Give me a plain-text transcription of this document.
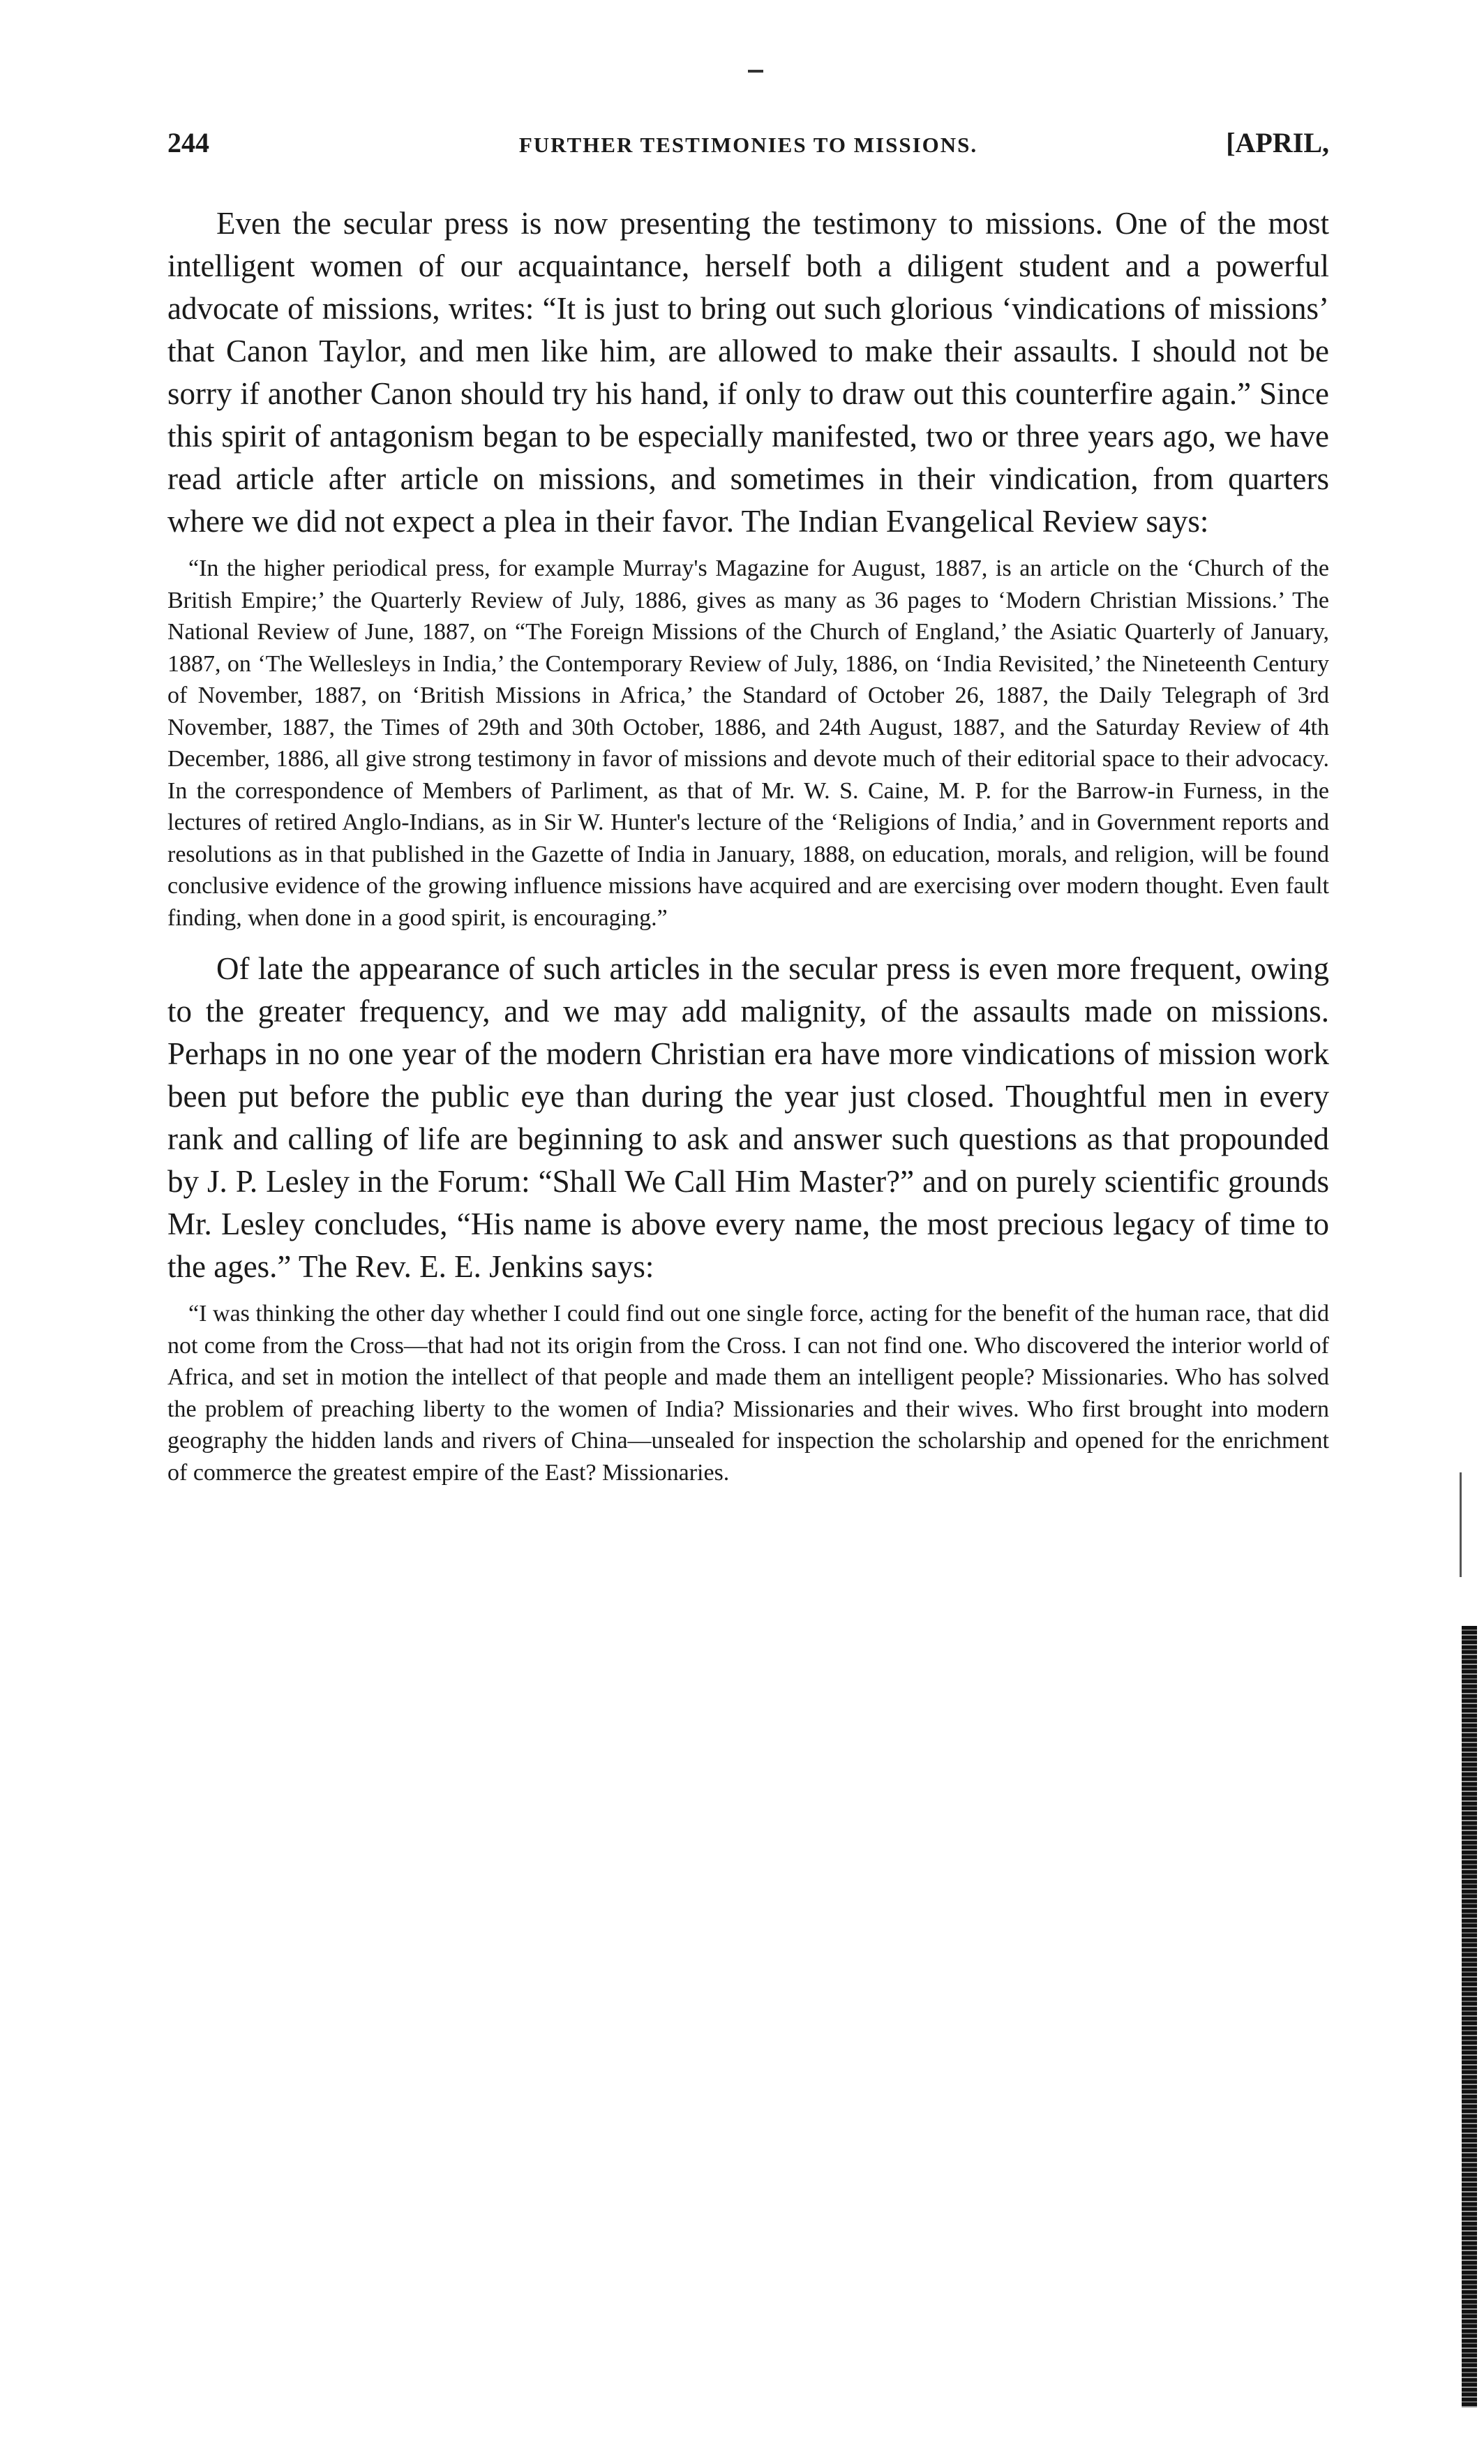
244	FURTHER TESTIMONIES TO MISSIONS.	[APRIL,

Even the secular press is now presenting the testimony to missions. One of the most intelligent women of our acquaintance, herself both a diligent student and a powerful advocate of missions, writes: “It is just to bring out such glorious ‘vindications of missions’ that Canon Taylor, and men like him, are allowed to make their assaults. I should not be sorry if another Canon should try his hand, if only to draw out this counterfire again.” Since this spirit of antagonism began to be especially manifested, two or three years ago, we have read article after article on missions, and sometimes in their vindication, from quarters where we did not expect a plea in their favor. The Indian Evangelical Review says:

“In the higher periodical press, for example Murray's Magazine for August, 1887, is an article on the ‘Church of the British Empire;’ the Quarterly Review of July, 1886, gives as many as 36 pages to ‘Modern Christian Missions.’ The National Review of June, 1887, on “The Foreign Missions of the Church of England,’ the Asiatic Quarterly of January, 1887, on ‘The Wellesleys in India,’ the Contemporary Review of July, 1886, on ‘India Revisited,’ the Nineteenth Century of November, 1887, on ‘British Missions in Africa,’ the Standard of October 26, 1887, the Daily Telegraph of 3rd November, 1887, the Times of 29th and 30th October, 1886, and 24th August, 1887, and the Saturday Review of 4th December, 1886, all give strong testimony in favor of missions and devote much of their editorial space to their advocacy. In the correspondence of Members of Parliment, as that of Mr. W. S. Caine, M. P. for the Barrow-in Furness, in the lectures of retired Anglo-Indians, as in Sir W. Hunter's lecture of the ‘Religions of India,’ and in Government reports and resolutions as in that published in the Gazette of India in January, 1888, on education, morals, and religion, will be found conclusive evidence of the growing influence missions have acquired and are exercising over modern thought. Even fault finding, when done in a good spirit, is encouraging.”

Of late the appearance of such articles in the secular press is even more frequent, owing to the greater frequency, and we may add malignity, of the assaults made on missions. Perhaps in no one year of the modern Christian era have more vindications of mission work been put before the public eye than during the year just closed. Thoughtful men in every rank and calling of life are beginning to ask and answer such questions as that propounded by J. P. Lesley in the Forum: “Shall We Call Him Master?” and on purely scientific grounds Mr. Lesley concludes, “His name is above every name, the most precious legacy of time to the ages.” The Rev. E. E. Jenkins says:

“I was thinking the other day whether I could find out one single force, acting for the benefit of the human race, that did not come from the Cross—that had not its origin from the Cross. I can not find one. Who discovered the interior world of Africa, and set in motion the intellect of that people and made them an intelligent people? Missionaries. Who has solved the problem of preaching liberty to the women of India? Missionaries and their wives. Who first brought into modern geography the hidden lands and rivers of China—unsealed for inspection the scholarship and opened for the enrichment of commerce the greatest empire of the East? Missionaries.
